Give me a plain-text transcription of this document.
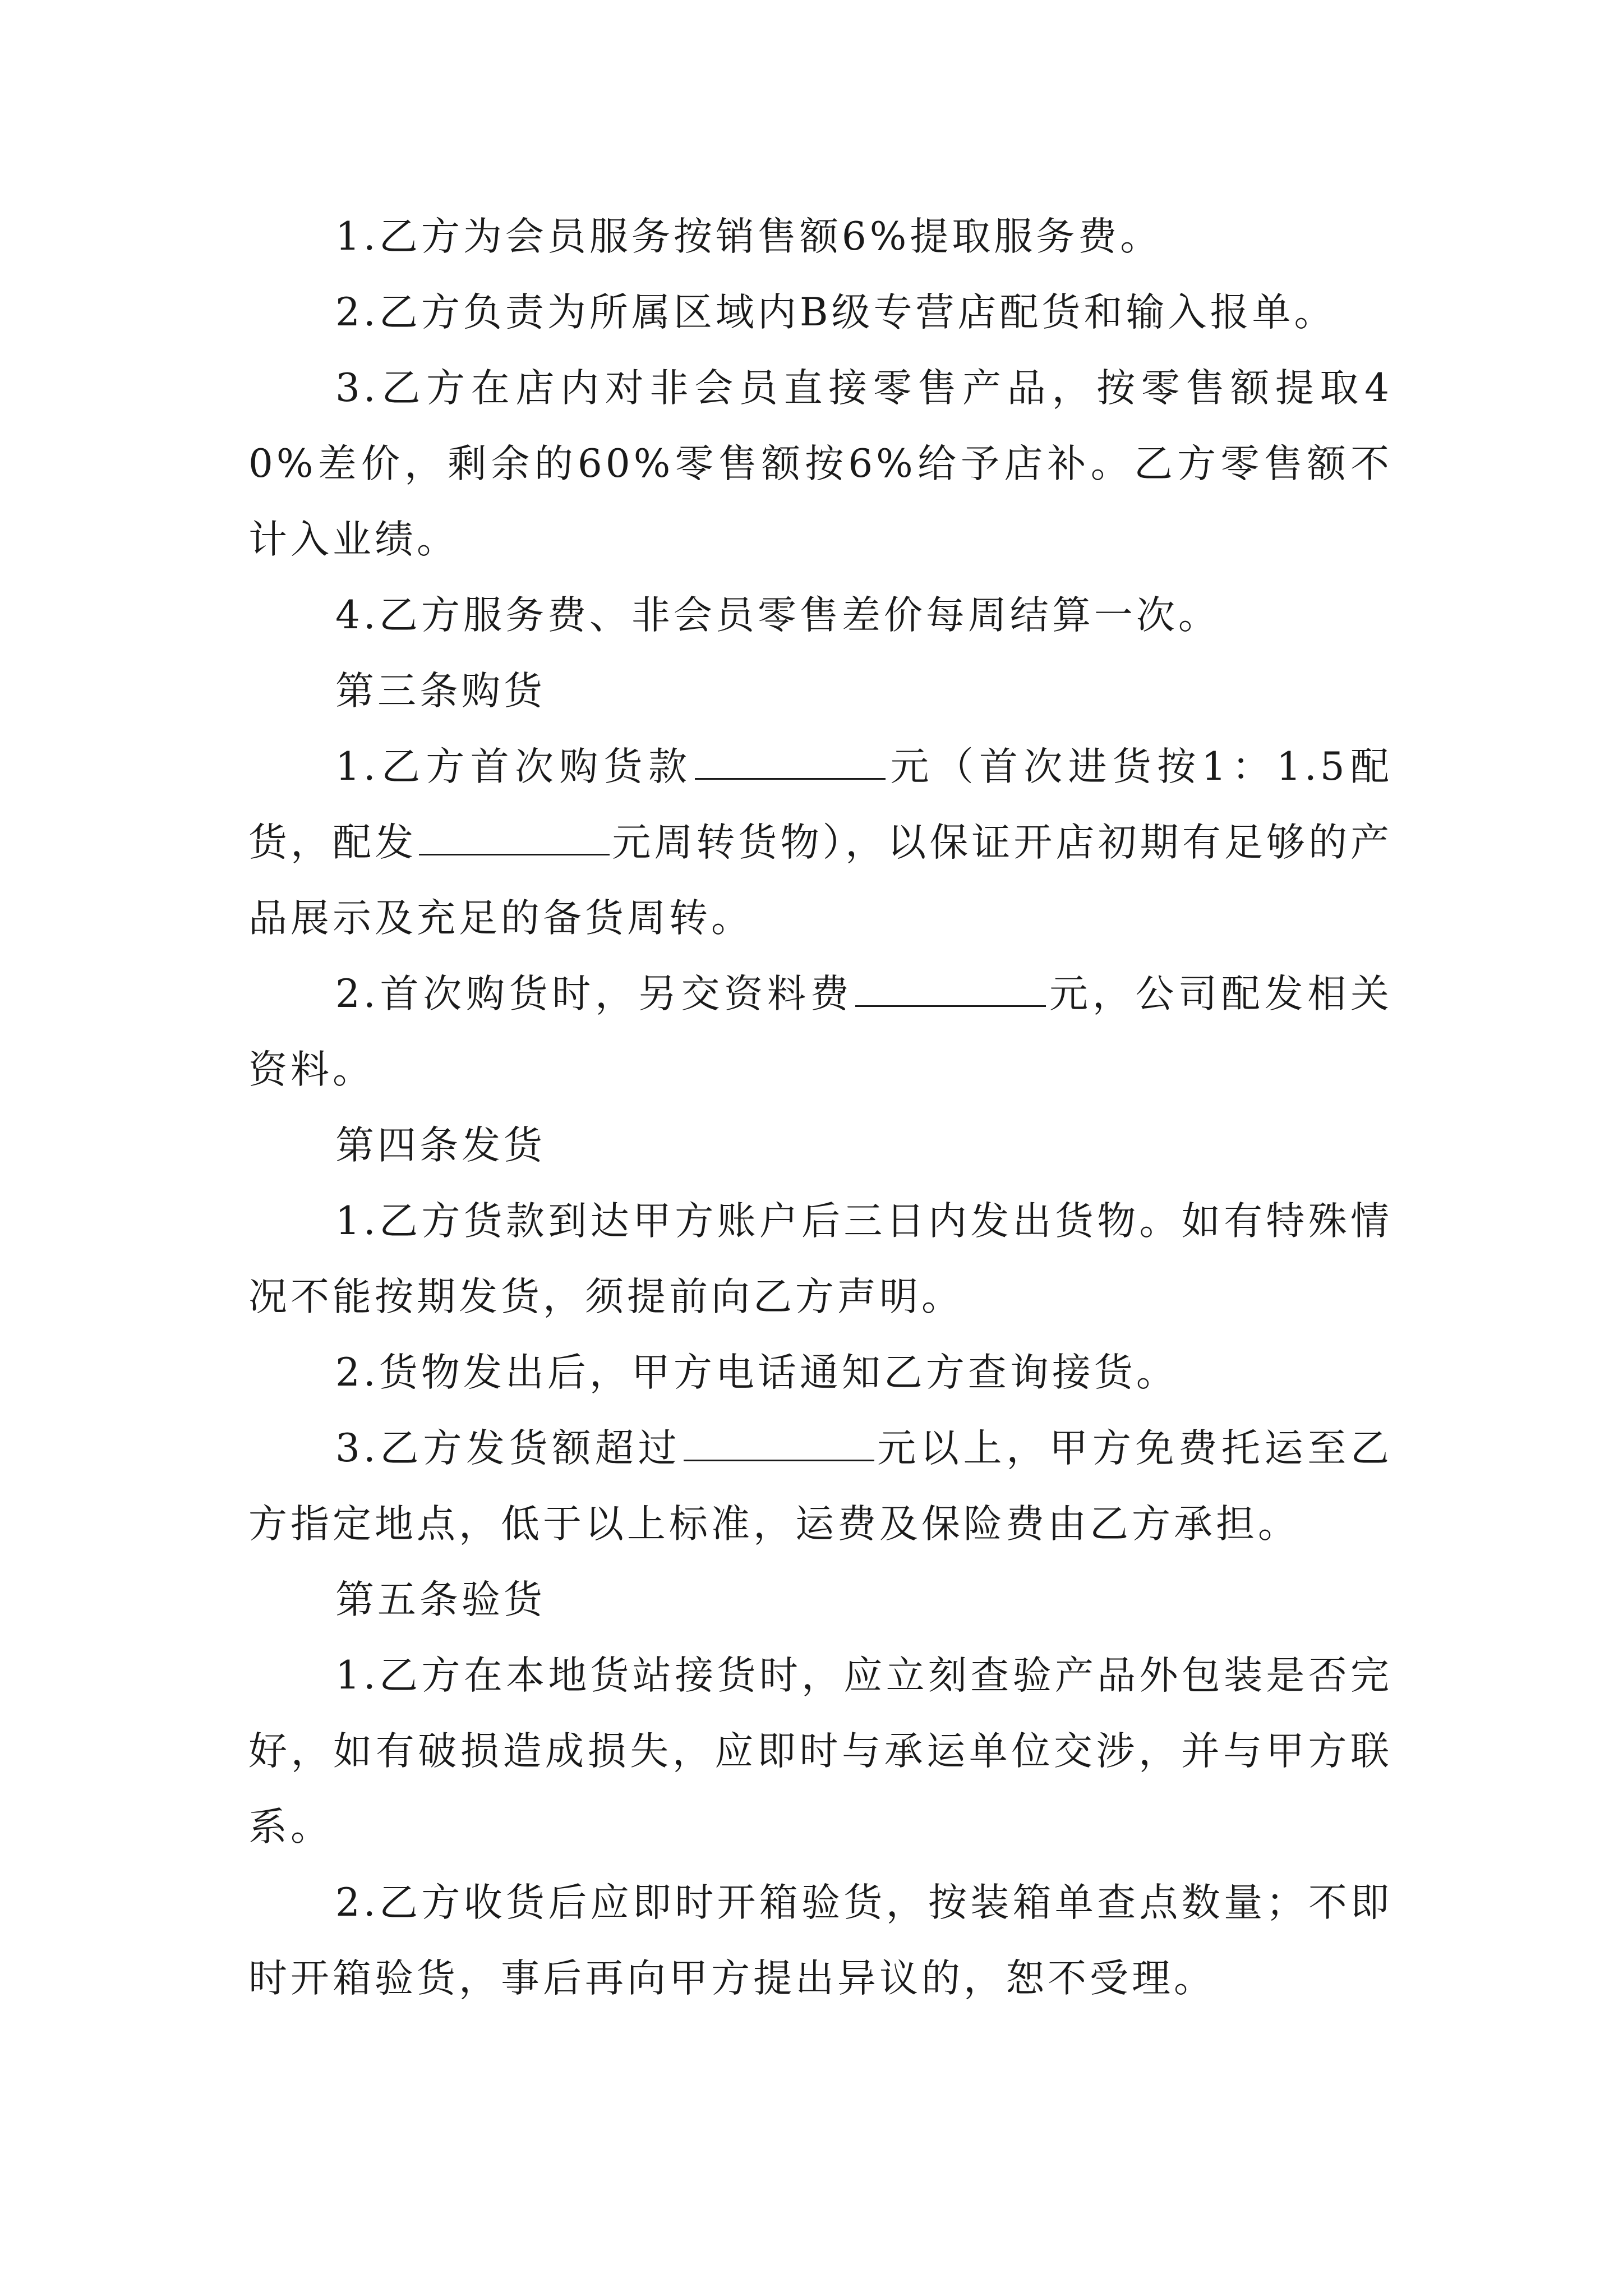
1.乙方为会员服务按销售额6%提取服务费。

2.乙方负责为所属区域内B级专营店配货和输入报单。

3.乙方在店内对非会员直接零售产品，按零售额提取40%差价，剩余的60%零售额按6%给予店补。乙方零售额不计入业绩。

4.乙方服务费、非会员零售差价每周结算一次。

第三条购货

1.乙方首次购货款	元（首次进货按1：1.5配货，配发	元周转货物），以保证开店初期有足够的产品展示及充足的备货周转。

2.首次购货时，另交资料费	元，公司配发相关资料。

第四条发货

1.乙方货款到达甲方账户后三日内发出货物。如有特殊情况不能按期发货，须提前向乙方声明。

2.货物发出后，甲方电话通知乙方查询接货。

3.乙方发货额超过	元以上，甲方免费托运至乙方指定地点，低于以上标准，运费及保险费由乙方承担。

第五条验货

1.乙方在本地货站接货时，应立刻查验产品外包装是否完好，如有破损造成损失，应即时与承运单位交涉，并与甲方联系。

2.乙方收货后应即时开箱验货，按装箱单查点数量；不即时开箱验货，事后再向甲方提出异议的，恕不受理。
